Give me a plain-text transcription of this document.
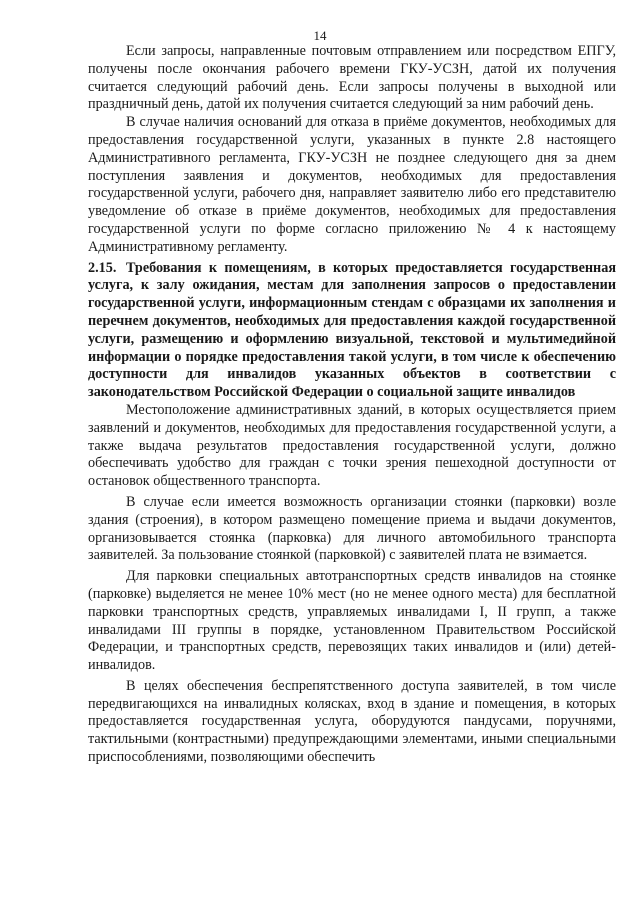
14

Если запросы, направленные почтовым отправлением или посредством ЕПГУ, получены после окончания рабочего времени ГКУ-УСЗН, датой их получения считается следующий рабочий день. Если запросы получены в выходной или праздничный день, датой их получения считается следующий за ним рабочий день.

В случае наличия оснований для отказа в приёме документов, необходимых для предоставления государственной услуги, указанных в пункте 2.8 настоящего Административного регламента, ГКУ-УСЗН не позднее следующего дня за днем поступления заявления и документов, необходимых для предоставления государственной услуги, рабочего дня, направляет заявителю либо его представителю уведомление об отказе в приёме документов, необходимых для предоставления государственной услуги по форме согласно приложению № 4 к настоящему Административному регламенту.

2.15. Требования к помещениям, в которых предоставляется государственная услуга, к залу ожидания, местам для заполнения запросов о предоставлении государственной услуги, информационным стендам с образцами их заполнения и перечнем документов, необходимых для предоставления каждой государственной услуги, размещению и оформлению визуальной, текстовой и мультимедийной информации о порядке предоставления такой услуги, в том числе к обеспечению доступности для инвалидов указанных объектов в соответствии с законодательством Российской Федерации о социальной защите инвалидов

Местоположение административных зданий, в которых осуществляется прием заявлений и документов, необходимых для предоставления государственной услуги, а также выдача результатов предоставления государственной услуги, должно обеспечивать удобство для граждан с точки зрения пешеходной доступности от остановок общественного транспорта.

В случае если имеется возможность организации стоянки (парковки) возле здания (строения), в котором размещено помещение приема и выдачи документов, организовывается стоянка (парковка) для личного автомобильного транспорта заявителей. За пользование стоянкой (парковкой) с заявителей плата не взимается.

Для парковки специальных автотранспортных средств инвалидов на стоянке (парковке) выделяется не менее 10% мест (но не менее одного места) для бесплатной парковки транспортных средств, управляемых инвалидами I, II групп, а также инвалидами III группы в порядке, установленном Правительством Российской Федерации, и транспортных средств, перевозящих таких инвалидов и (или) детей-инвалидов.

В целях обеспечения беспрепятственного доступа заявителей, в том числе передвигающихся на инвалидных колясках, вход в здание и помещения, в которых предоставляется государственная услуга, оборудуются пандусами, поручнями, тактильными (контрастными) предупреждающими элементами, иными специальными приспособлениями, позволяющими обеспечить
